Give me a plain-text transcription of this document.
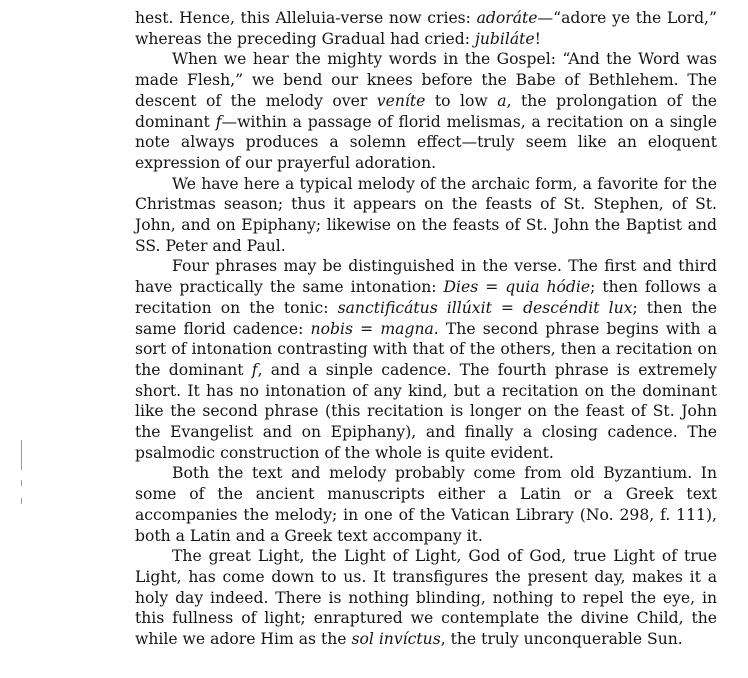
hest. Hence, this Alleluia-verse now cries: adoráte—“adore ye the Lord,” whereas the preceding Gradual had cried: jubiláte!

When we hear the mighty words in the Gospel: “And the Word was made Flesh,” we bend our knees before the Babe of Bethlehem. The descent of the melody over veníte to low a, the prolongation of the dominant f—within a passage of florid melismas, a recitation on a single note always produces a solemn effect—truly seem like an eloquent expression of our prayerful adoration.

We have here a typical melody of the archaic form, a favorite for the Christmas season; thus it appears on the feasts of St. Stephen, of St. John, and on Epiphany; likewise on the feasts of St. John the Baptist and SS. Peter and Paul.

Four phrases may be distinguished in the verse. The first and third have practically the same intonation: Dies = quia hódie; then follows a recitation on the tonic: sanctificátus illúxit = descéndit lux; then the same florid cadence: nobis = magna. The second phrase begins with a sort of intonation contrasting with that of the others, then a recitation on the dominant f, and a sinple cadence. The fourth phrase is extremely short. It has no intonation of any kind, but a recitation on the dominant like the second phrase (this recitation is longer on the feast of St. John the Evangelist and on Epiphany), and finally a closing cadence. The psalmodic construction of the whole is quite evident.

Both the text and melody probably come from old Byzantium. In some of the ancient manuscripts either a Latin or a Greek text accompanies the melody; in one of the Vatican Library (No. 298, f. 111), both a Latin and a Greek text accompany it.

The great Light, the Light of Light, God of God, true Light of true Light, has come down to us. It transfigures the present day, makes it a holy day indeed. There is nothing blinding, nothing to repel the eye, in this fullness of light; enraptured we contemplate the divine Child, the while we adore Him as the sol invíctus, the truly unconquerable Sun.
